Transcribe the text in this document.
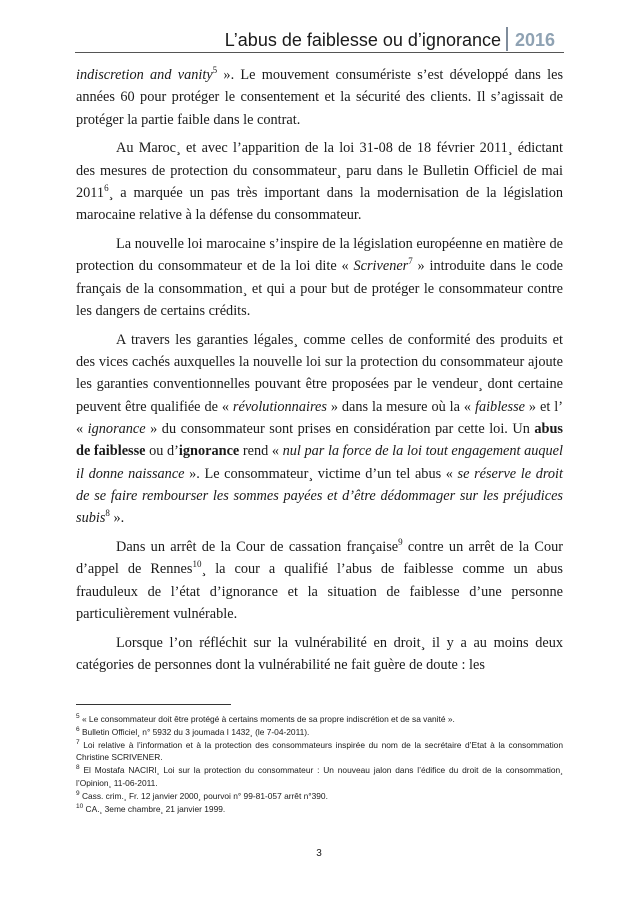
L’abus de faiblesse ou d’ignorance 2016

indiscretion and vanity$^5$ ». Le mouvement consumériste s’est développé dans les années 60 pour protéger le consentement et la sécurité des clients. Il s’agissait de protéger la partie faible dans le contrat.

Au Maroc¸ et avec l’apparition de la loi 31-08 de 18 février 2011¸ édictant des mesures de protection du consommateur¸ paru dans le Bulletin Officiel de mai 2011$^6$¸ a marquée un pas très important dans la modernisation de la législation marocaine relative à la défense du consommateur.

La nouvelle loi marocaine s’inspire de la législation européenne en matière de protection du consommateur et de la loi dite « Scrivener$^7$ » introduite dans le code français de la consommation¸ et qui a pour but de protéger le consommateur contre les dangers de certains crédits.

A travers les garanties légales¸ comme celles de conformité des produits et des vices cachés auxquelles la nouvelle loi sur la protection du consommateur ajoute les garanties conventionnelles pouvant être proposées par le vendeur¸ dont certaine peuvent être qualifiée de « révolutionnaires » dans la mesure où la « faiblesse » et l’ « ignorance » du consommateur sont prises en considération par cette loi. Un abus de faiblesse ou d’ignorance rend « nul par la force de la loi tout engagement auquel il donne naissance ». Le consommateur¸ victime d’un tel abus « se réserve le droit de se faire rembourser les sommes payées et d’être dédommager sur les préjudices subis$^8$ ».

Dans un arrêt de la Cour de cassation française$^9$ contre un arrêt de la Cour d’appel de Rennes$^{10}$¸ la cour a qualifié l’abus de faiblesse comme un abus frauduleux de l’état d’ignorance et la situation de faiblesse d’une personne particulièrement vulnérable.

Lorsque l’on réfléchit sur la vulnérabilité en droit¸ il y a au moins deux catégories de personnes dont la vulnérabilité ne fait guère de doute : les

$^5$ « Le consommateur doit être protégé à certains moments de sa propre indiscrétion et de sa vanité ».

$^6$ Bulletin Officiel¸ n° 5932 du 3 joumada I 1432¸ (le 7-04-2011).

$^7$ Loi relative à l’information et à la protection des consommateurs inspirée du nom de la secrétaire d’Etat à la consommation Christine SCRIVENER.

$^8$ El Mostafa NACIRI¸ Loi sur la protection du consommateur : Un nouveau jalon dans l’édifice du droit de la consommation¸ l’Opinion¸ 11-06-2011.

$^9$ Cass. crim.¸ Fr. 12 janvier 2000¸ pourvoi n° 99-81-057 arrêt n°390.

$^{10}$ CA.¸ 3eme chambre¸ 21 janvier 1999.

3
